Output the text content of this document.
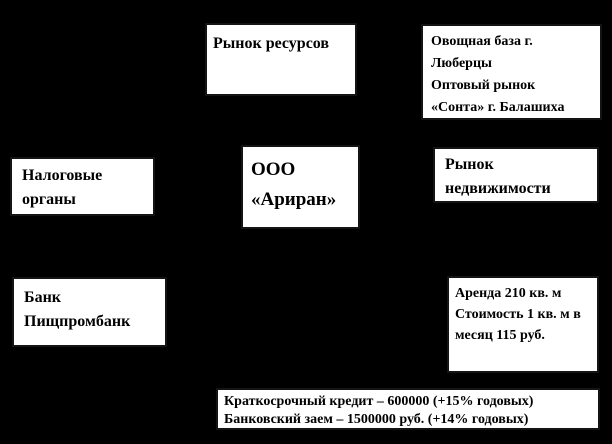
Рынок ресурсов	Овощная база г.
Люберцы
Оптовый рынок
«Сонта» г. Балашиха
Налоговые
органы
ООО
«Ариран»
Рынок
недвижимости
Банк
Пищпромбанк
Аренда 210 кв. м
Стоимость 1 кв. м в
месяц 115 руб.
Краткосрочный кредит – 600000 (+15% годовых)
Банковский заем – 1500000 руб. (+14% годовых)
